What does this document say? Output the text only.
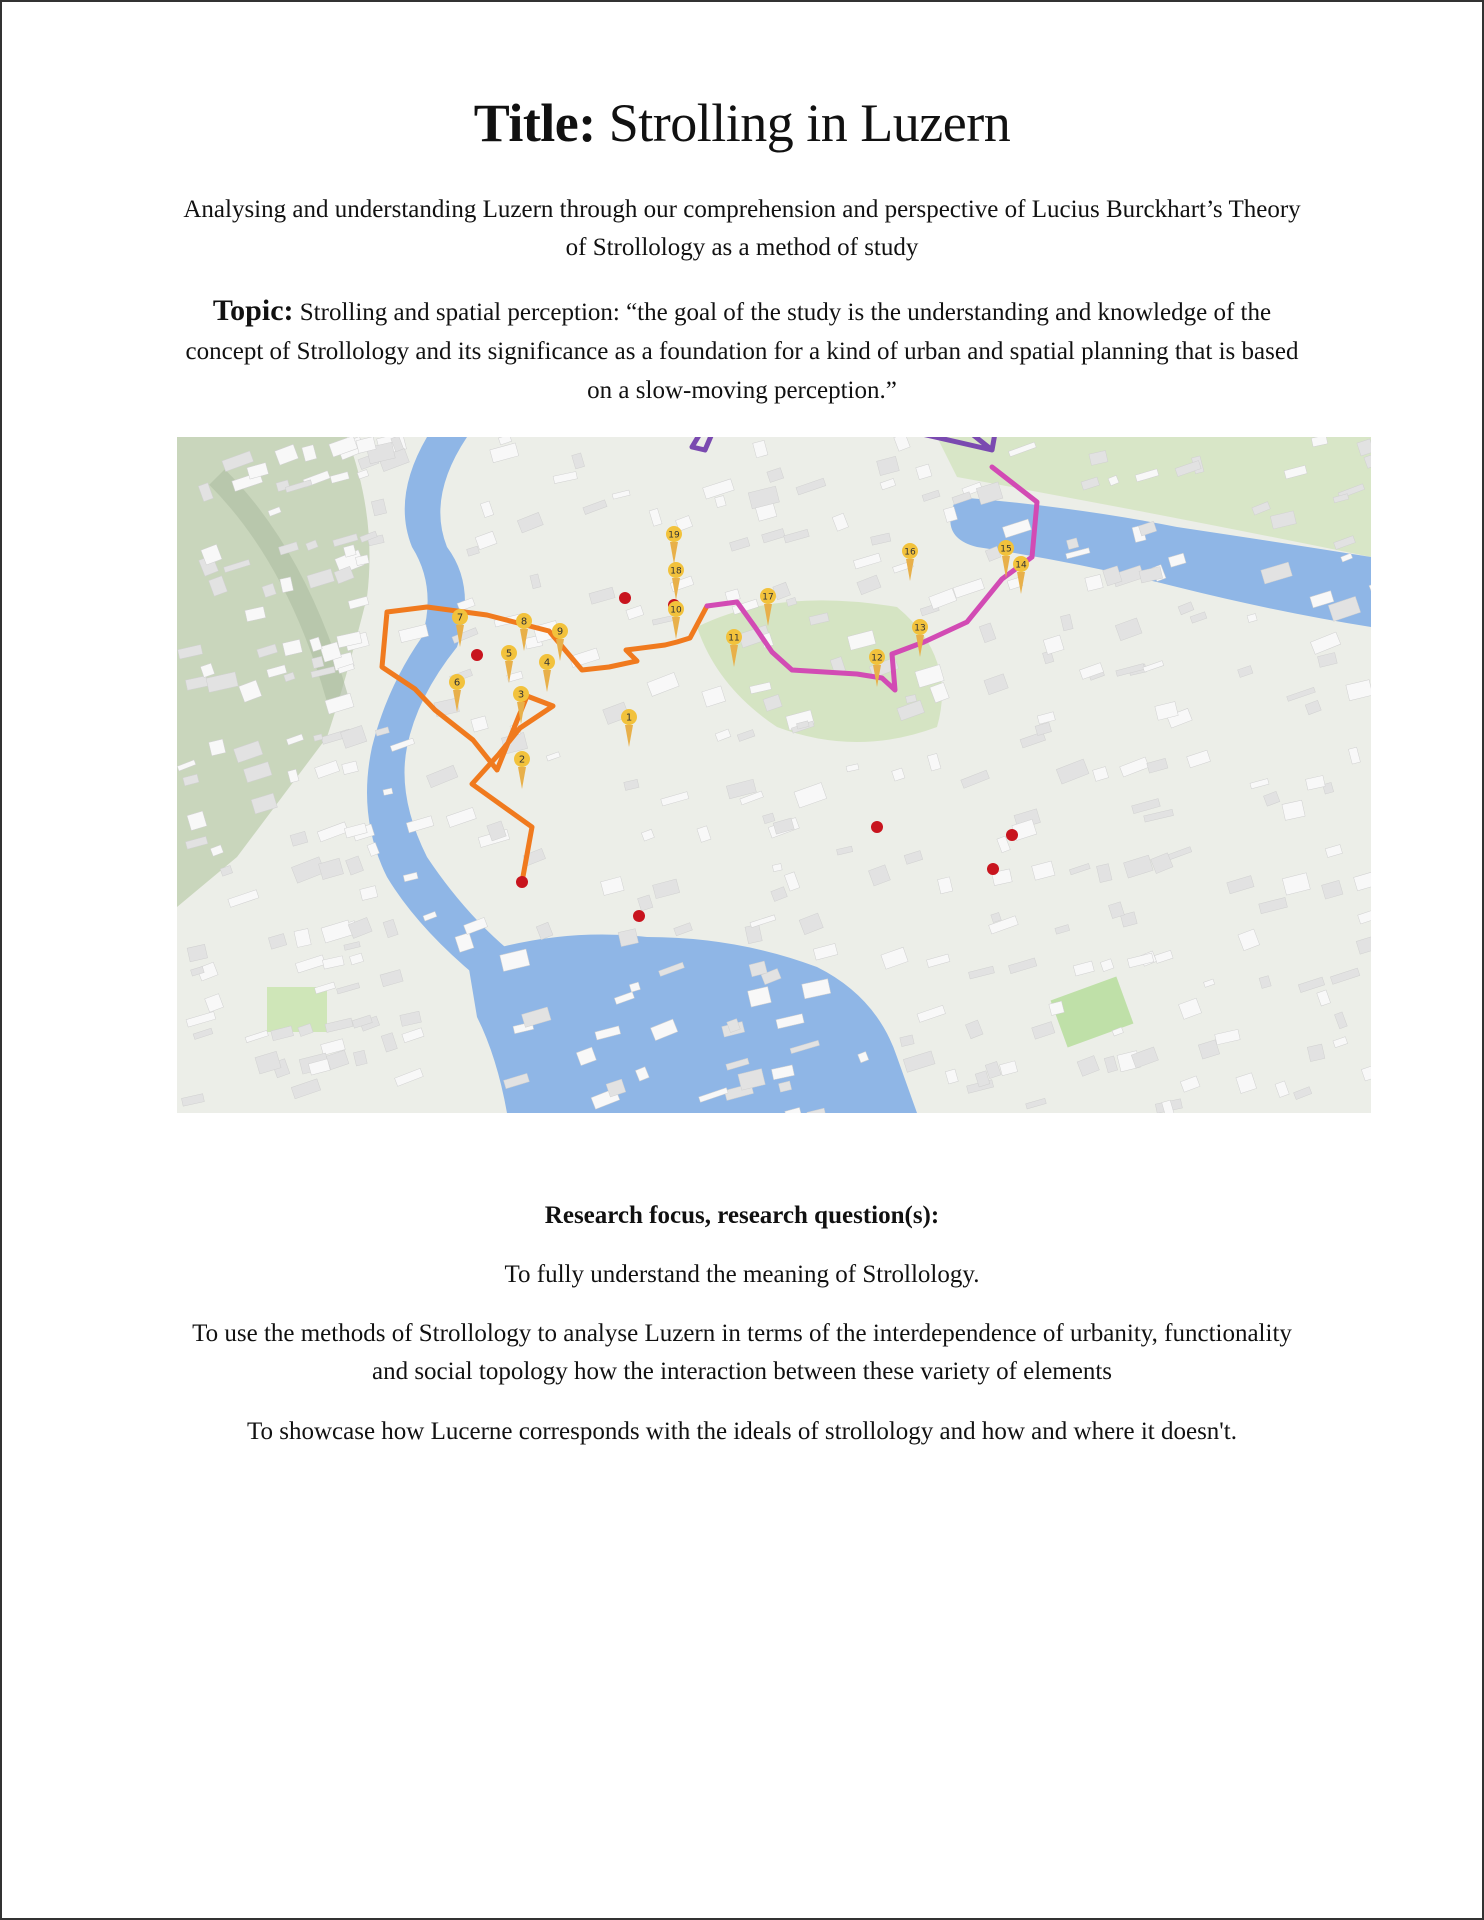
Title: Strolling in Luzern
Analysing and understanding Luzern through our comprehension and perspective of Lucius Burckhart’s Theory of Strollology as a method of study
Topic: Strolling and spatial perception: “the goal of the study is the understanding and knowledge of the concept of Strollology and its significance as a foundation for a kind of urban and spatial planning that is based on a slow-moving perception.”
1
2
3
4
5
6
7	8
9
10
11
12
13
14
15
16
17
18
19
Research focus, research question(s):
To fully understand the meaning of Strollology.
To use the methods of Strollology to analyse Luzern in terms of the interdependence of urbanity, functionality and social topology how the interaction between these variety of elements
To showcase how Lucerne corresponds with the ideals of strollology and how and where it doesn't.
